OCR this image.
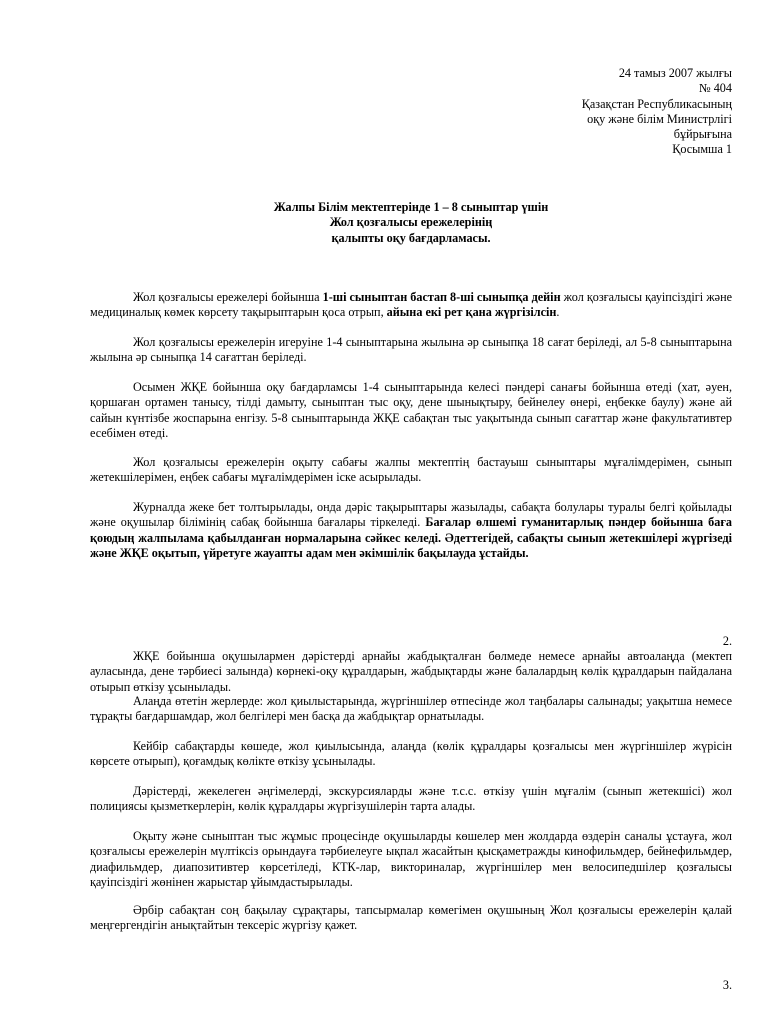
24 тамыз 2007 жылғы
№ 404
Қазақстан Республикасының
оқу және білім Министрлігі
бұйрығына
Қосымша 1
Жалпы Білім мектептерінде 1 – 8 сыныптар үшін
Жол қозғалысы ережелерінің
қалыпты оқу бағдарламасы.

Жол қозғалысы ережелері бойынша 1-ші сыныптан бастап 8-ші сыныпқа дейін жол қозғалысы қауіпсіздігі және медициналық көмек көрсету тақырыптарын қоса отрып, айына екі рет қана жүргізілсін.

Жол қозғалысы ережелерін игеруіне 1-4 сыныптарына жылына әр сыныпқа 18 сағат беріледі, ал 5-8 сыныптарына жылына әр сыныпқа 14 сағаттан беріледі.

Осымен ЖҚЕ бойынша оқу бағдарламсы 1-4 сыныптарында келесі пәндері санағы бойынша өтеді (хат, әуен, қоршаған ортамен танысу, тілді дамыту, сыныптан тыс оқу, дене шынықтыру, бейнелеу өнері, еңбекке баулу) және ай сайын күнтізбе жоспарына енгізу. 5-8 сыныптарында ЖҚЕ сабақтан тыс уақытында сынып сағаттар және факультативтер есебімен өтеді.

Жол қозғалысы ережелерін оқыту сабағы жалпы мектептің бастауыш сыныптары мұғалімдерімен, сынып жетекшілерімен, еңбек сабағы мұғалімдерімен іске асырылады.

Журналда жеке бет толтырылады, онда дәріс тақырыптары жазылады, сабақта болулары туралы белгі қойылады және оқушылар білімінің сабақ бойынша бағалары тіркеледі. Бағалар өлшемі гуманитарлық пәндер бойынша баға қоюдың жалпылама қабылданған нормаларына сәйкес келеді. Әдеттегідей, сабақты сынып жетекшілері жүргізеді және ЖҚЕ оқытып, үйретуге жауапты адам мен әкімшілік бақылауда ұстайды.

2.

ЖҚЕ бойынша оқушылармен дәрістерді арнайы жабдықталған бөлмеде немесе арнайы автоалаңда (мектеп ауласында, дене тәрбиесі залында) көрнекі-оқу құралдарын, жабдықтарды және балалардың көлік құралдарын пайдалана отырып өткізу ұсынылады.

Алаңда өтетін жерлерде: жол қиылыстарында, жүргіншілер өтпесінде жол таңбалары салынады; уақытша немесе тұрақты бағдаршамдар, жол белгілері мен басқа да жабдықтар орнатылады.

Кейбір сабақтарды көшеде, жол қиылысында, алаңда (көлік құралдары қозғалысы мен жүргіншілер жүрісін көрсете отырып), қоғамдық көлікте өткізу ұсынылады.

Дәрістерді, жекелеген әңгімелерді, экскурсияларды және т.с.с. өткізу үшін мұғалім (сынып жетекшісі) жол полициясы қызметкерлерін, көлік құралдары жүргізушілерін тарта алады.

Оқыту және сыныптан тыс жұмыс процесінде оқушыларды көшелер мен жолдарда өздерін саналы ұстауға, жол қозғалысы ережелерін мүлтіксіз орындауға тәрбиелеуге ықпал жасайтын қысқаметражды кинофильмдер, бейнефильмдер, диафильмдер, диапозитивтер көрсетіледі, КТК-лар, викториналар, жүргіншілер мен велосипедшілер қозғалысы қауіпсіздігі жөнінен жарыстар ұйымдастырылады.

Әрбір сабақтан соң бақылау сұрақтары, тапсырмалар көмегімен оқушының Жол қозғалысы ережелерін қалай меңгергендігін анықтайтын тексеріс жүргізу қажет.

3.
